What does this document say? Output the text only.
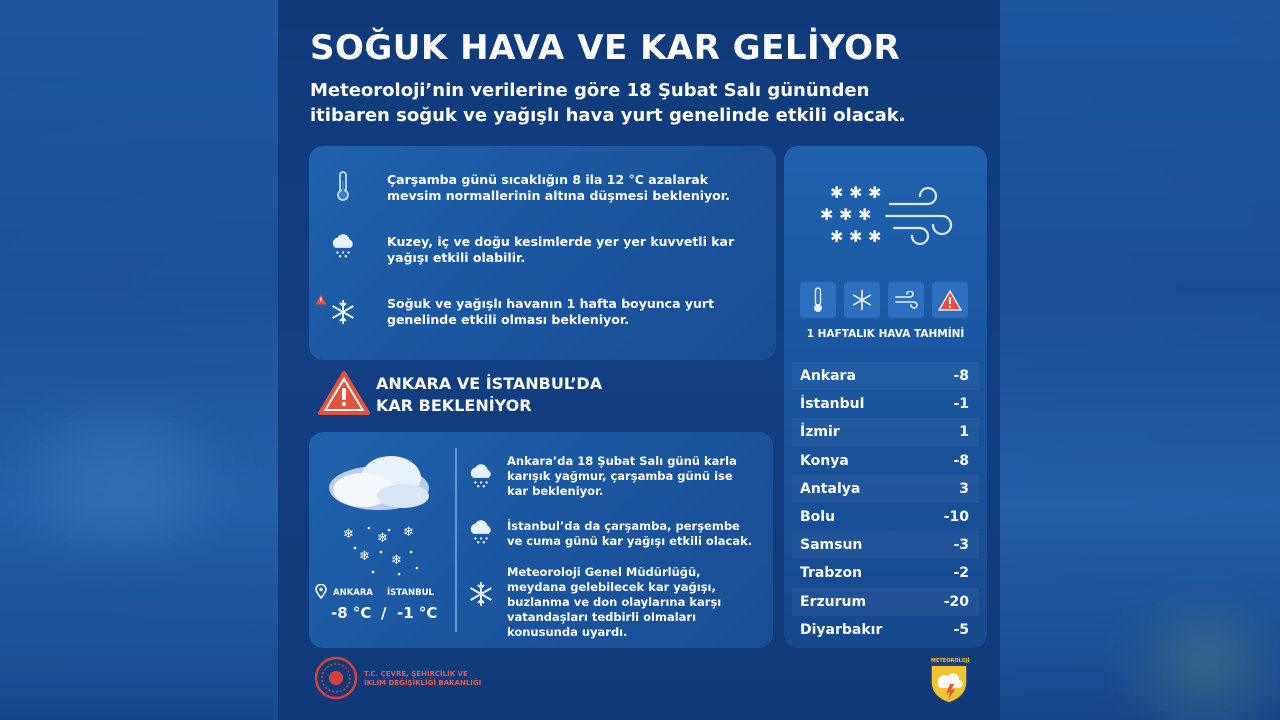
SOĞUK HAVA VE KAR GELİYOR
Meteoroloji’nin verilerine göre 18 Şubat Salı gününden itibaren soğuk ve yağışlı hava yurt genelinde etkili olacak.
Çarşamba günü sıcaklığın 8 ila 12 °C azalarak mevsim normallerinin altına düşmesi bekleniyor.
Kuzey, iç ve doğu kesimlerde yer yer kuvvetli kar yağışı etkili olabilir.
Soğuk ve yağışlı havanın 1 hafta boyunca yurt genelinde etkili olması bekleniyor.
ANKARA VE İSTANBUL’DA
KAR BEKLENİYOR
❄ ❄ ❄
❄ ❄
ANKARA İSTANBUL
-8 °C / -1 °C
Ankara’da 18 Şubat Salı günü karla karışık yağmur, çarşamba günü ise kar bekleniyor.
İstanbul’da da çarşamba, perşembe ve cuma günü kar yağışı etkili olacak.
Meteoroloji Genel Müdürlüğü, meydana gelebilecek kar yağışı, buzlanma ve don olaylarına karşı vatandaşları tedbirli olmaları konusunda uyardı.
✱ ✱ ✱
✱ ✱ ✱
✱ ✱ ✱
1 HAFTALIK HAVA TAHMİNİ
Ankara	-8
İstanbul	-1
İzmir	1
Konya	-8
Antalya	3
Bolu	-10
Samsun	-3
Trabzon	-2
Erzurum	-20
Diyarbakır	-5
T.C. ÇEVRE, ŞEHİRCİLİK VE
İKLİM DEĞİŞİKLİĞİ BAKANLIĞI
METEOROLOJİ
